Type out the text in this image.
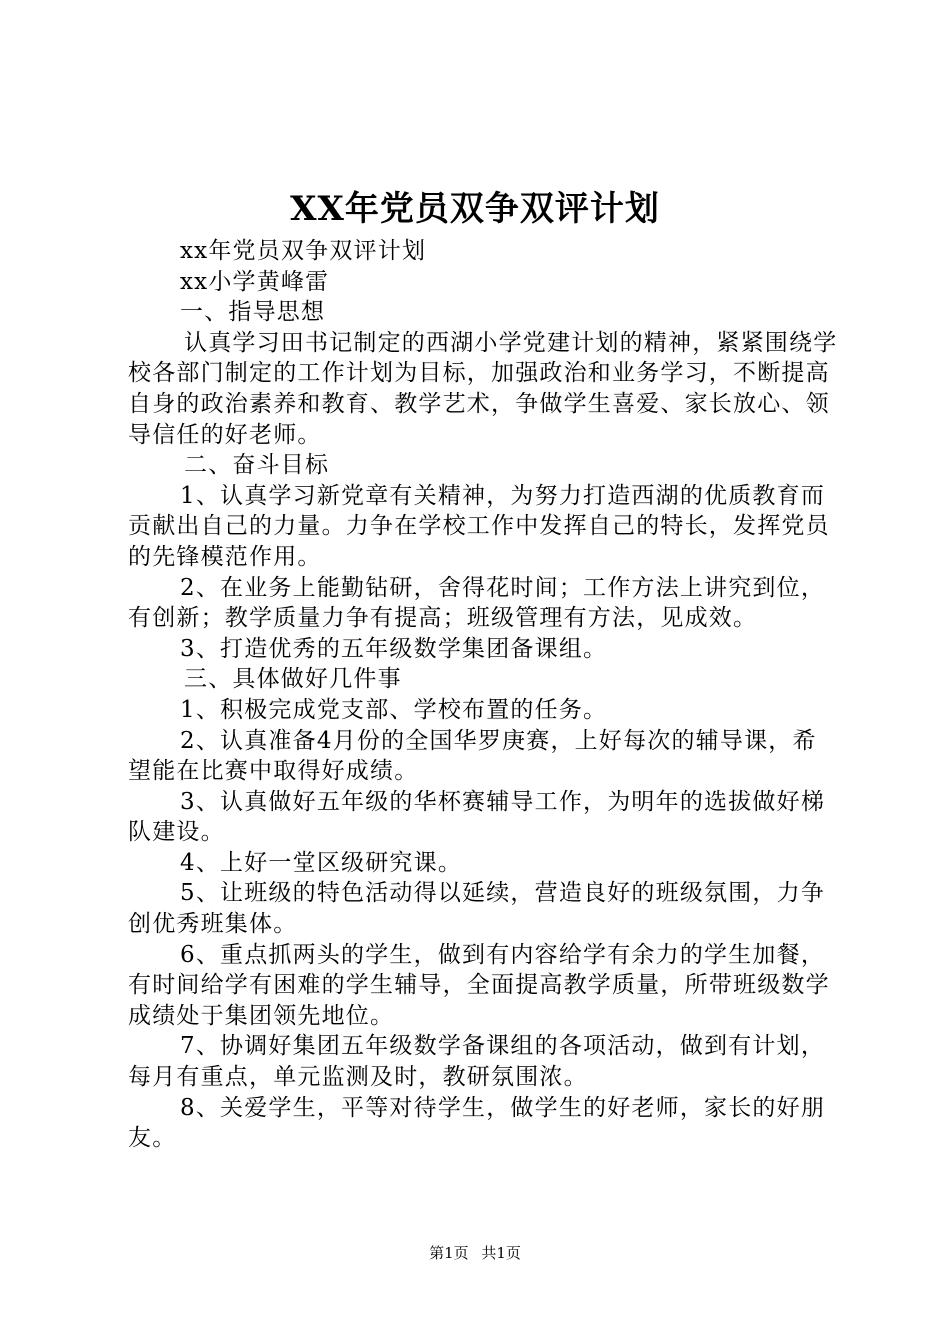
XX年党员双争双评计划

xx年党员双争双评计划

xx小学黄峰雷

一、指导思想

认真学习田书记制定的西湖小学党建计划的精神，紧紧围绕学校各部门制定的工作计划为目标，加强政治和业务学习，不断提高自身的政治素养和教育、教学艺术，争做学生喜爱、家长放心、领导信任的好老师。

二、奋斗目标

1、认真学习新党章有关精神，为努力打造西湖的优质教育而贡献出自己的力量。力争在学校工作中发挥自己的特长，发挥党员的先锋模范作用。

2、在业务上能勤钻研，舍得花时间；工作方法上讲究到位，有创新；教学质量力争有提高；班级管理有方法，见成效。

3、打造优秀的五年级数学集团备课组。

三、具体做好几件事

1、积极完成党支部、学校布置的任务。

2、认真准备4月份的全国华罗庚赛，上好每次的辅导课，希望能在比赛中取得好成绩。

3、认真做好五年级的华杯赛辅导工作，为明年的选拔做好梯队建设。

4、上好一堂区级研究课。

5、让班级的特色活动得以延续，营造良好的班级氛围，力争创优秀班集体。

6、重点抓两头的学生，做到有内容给学有余力的学生加餐，有时间给学有困难的学生辅导，全面提高教学质量，所带班级数学成绩处于集团领先地位。

7、协调好集团五年级数学备课组的各项活动，做到有计划，每月有重点，单元监测及时，教研氛围浓。

8、关爱学生，平等对待学生，做学生的好老师，家长的好朋友。

第1页 共1页
